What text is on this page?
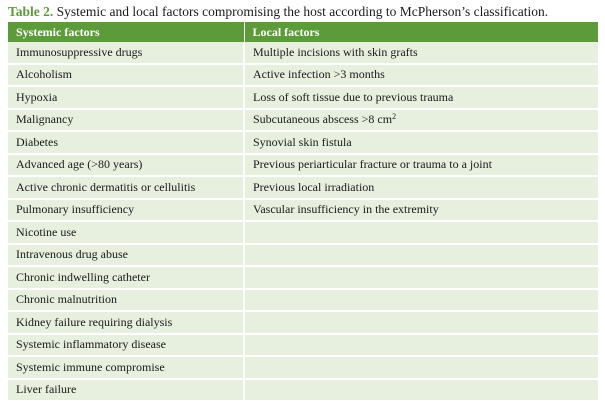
Table 2. Systemic and local factors compromising the host according to McPherson’s classification.
Systemic factors	Local factors
Immunosuppressive drugs	Multiple incisions with skin grafts
Alcoholism	Active infection >3 months
Hypoxia	Loss of soft tissue due to previous trauma
Malignancy	Subcutaneous abscess >8 $cm^2$
Diabetes	Synovial skin fistula
Advanced age (>80 years)	Previous periarticular fracture or trauma to a joint
Active chronic dermatitis or cellulitis	Previous local irradiation
Pulmonary insufficiency	Vascular insufficiency in the extremity
Nicotine use	
Intravenous drug abuse	
Chronic indwelling catheter	
Chronic malnutrition	
Kidney failure requiring dialysis	
Systemic inflammatory disease	
Systemic immune compromise	
Liver failure	
